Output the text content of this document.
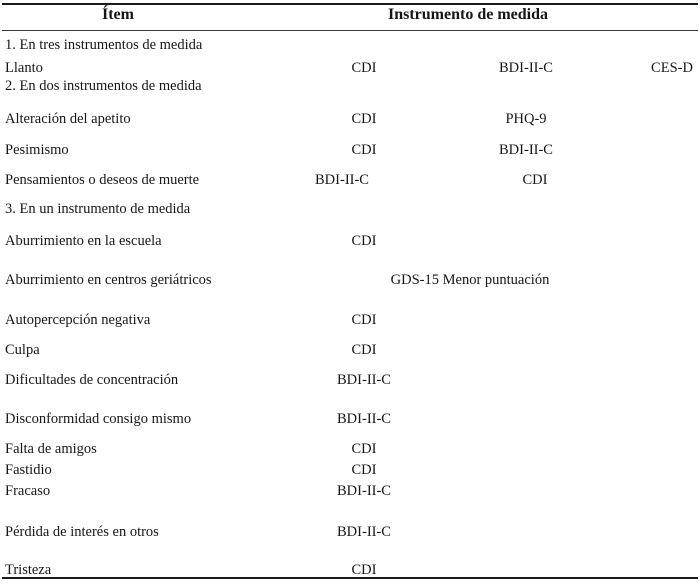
Ítem	Instrumento de medida
1. En tres instrumentos de medida
Llanto	CDI	BDI-II-C	CES-D
2. En dos instrumentos de medida
Alteración del apetito	CDI	PHQ-9
Pesimismo	CDI	BDI-II-C
Pensamientos o deseos de muerte	BDI-II-C	CDI
3. En un instrumento de medida
Aburrimiento en la escuela	CDI
Aburrimiento en centros geriátricos	GDS-15 Menor puntuación
Autopercepción negativa	CDI
Culpa	CDI
Dificultades de concentración	BDI-II-C
Disconformidad consigo mismo	BDI-II-C
Falta de amigos	CDI
Fastidio	CDI
Fracaso	BDI-II-C
Pérdida de interés en otros	BDI-II-C
Tristeza	CDI
